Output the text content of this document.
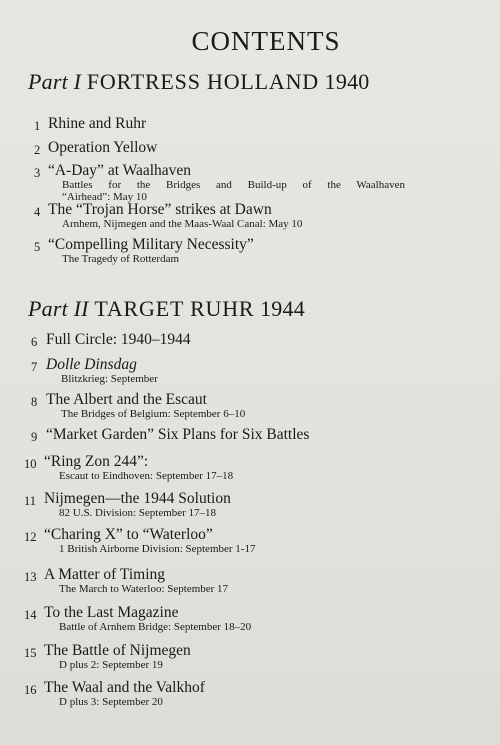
CONTENTS
Part I FORTRESS HOLLAND 1940
1 Rhine and Ruhr
2 Operation Yellow
3 “A-Day” at Waalhaven
Battles for the Bridges and Build-up of the Waalhaven
“Airhead”: May 10
4 The “Trojan Horse” strikes at Dawn
Arnhem, Nijmegen and the Maas-Waal Canal: May 10
5 “Compelling Military Necessity”
The Tragedy of Rotterdam
Part II TARGET RUHR 1944
6 Full Circle: 1940–1944
7 Dolle Dinsdag
Blitzkrieg: September
8 The Albert and the Escaut
The Bridges of Belgium: September 6–10
9 “Market Garden” Six Plans for Six Battles
10 “Ring Zon 244”:
Escaut to Eindhoven: September 17–18
11 Nijmegen—the 1944 Solution
82 U.S. Division: September 17–18
12 “Charing X” to “Waterloo”
1 British Airborne Division: September 1-17
13 A Matter of Timing
The March to Waterloo: September 17
14 To the Last Magazine
Battle of Arnhem Bridge: September 18–20
15 The Battle of Nijmegen
D plus 2: September 19
16 The Waal and the Valkhof
D plus 3: September 20
